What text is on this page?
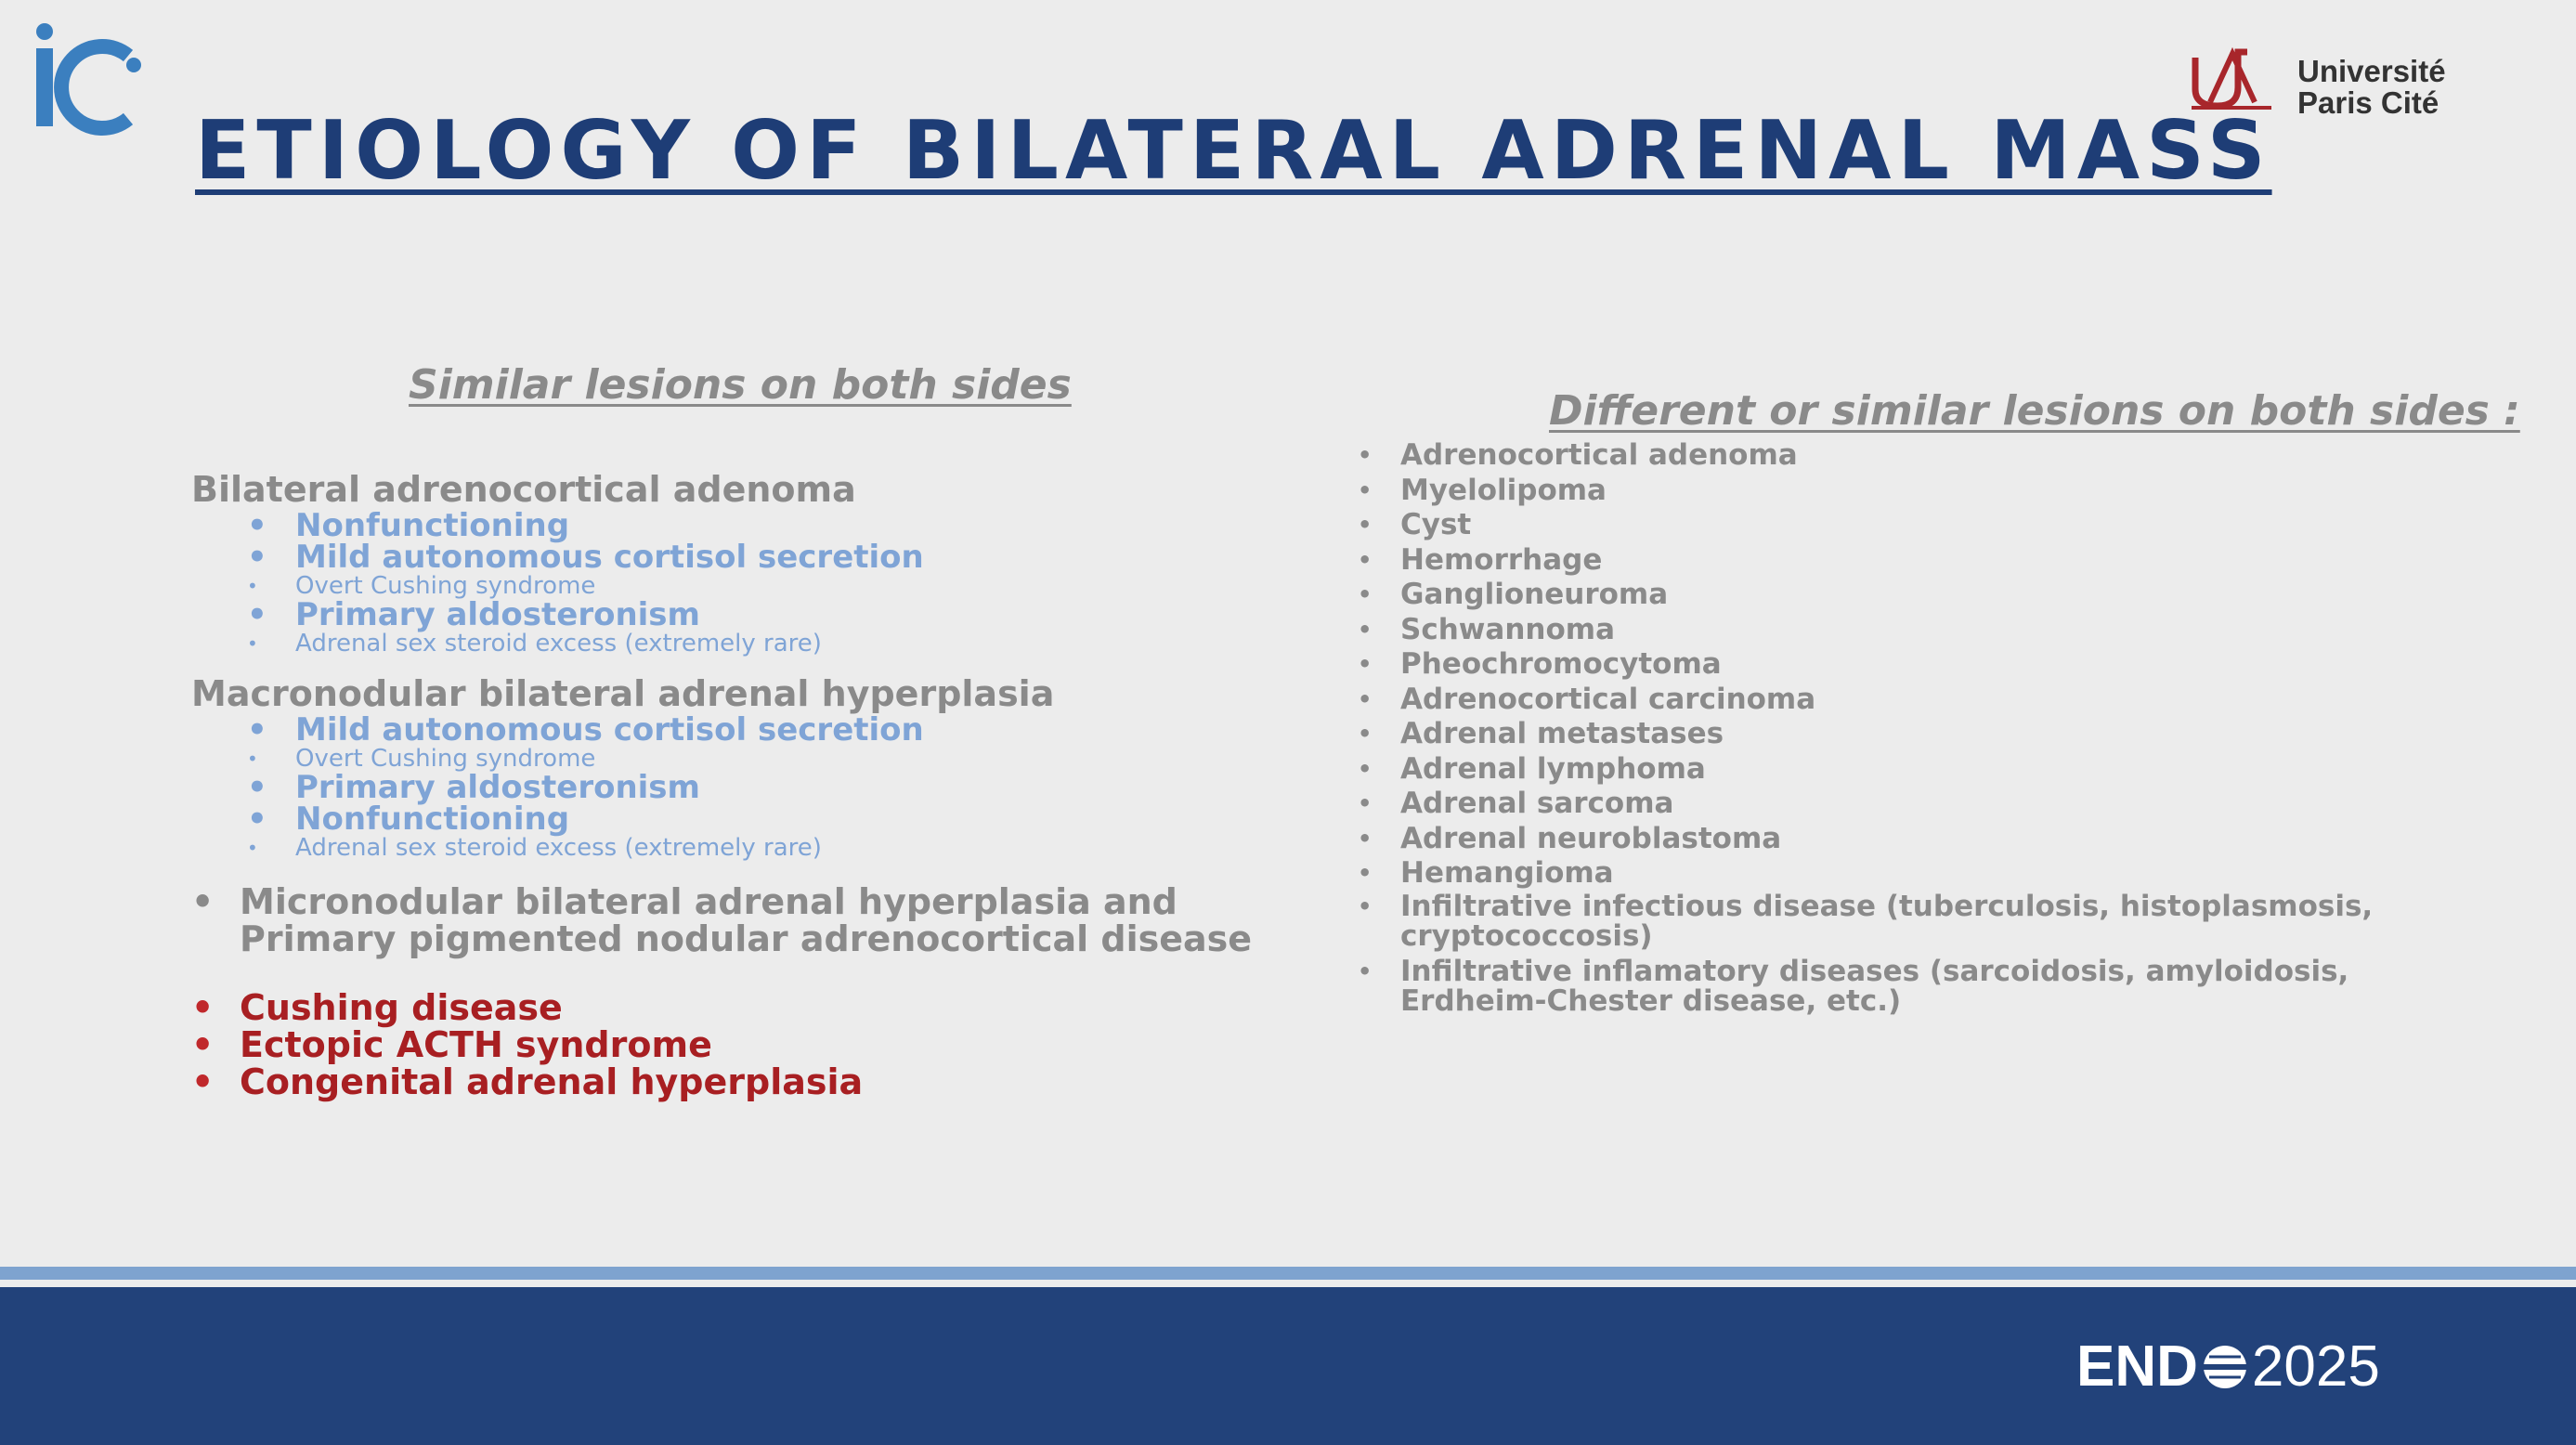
Université
Paris Cité
ETIOLOGY OF BILATERAL ADRENAL MASS
Similar lesions on both sides
Different or similar lesions on both sides :
Bilateral adrenocortical adenoma
• Nonfunctioning
• Mild autonomous cortisol secretion
• Overt Cushing syndrome
• Primary aldosteronism
• Adrenal sex steroid excess (extremely rare)
Macronodular bilateral adrenal hyperplasia
• Mild autonomous cortisol secretion
• Overt Cushing syndrome
• Primary aldosteronism
• Nonfunctioning
• Adrenal sex steroid excess (extremely rare)
• Micronodular bilateral adrenal hyperplasia and
Primary pigmented nodular adrenocortical disease
• Cushing disease
• Ectopic ACTH syndrome
• Congenital adrenal hyperplasia
• Adrenocortical adenoma
• Myelolipoma
• Cyst
• Hemorrhage
• Ganglioneuroma
• Schwannoma
• Pheochromocytoma
• Adrenocortical carcinoma
• Adrenal metastases
• Adrenal lymphoma
• Adrenal sarcoma
• Adrenal neuroblastoma
• Hemangioma
• Infiltrative infectious disease (tuberculosis, histoplasmosis, cryptococcosis)
• Infiltrative inflamatory diseases (sarcoidosis, amyloidosis, Erdheim-Chester disease, etc.)
END 2025
